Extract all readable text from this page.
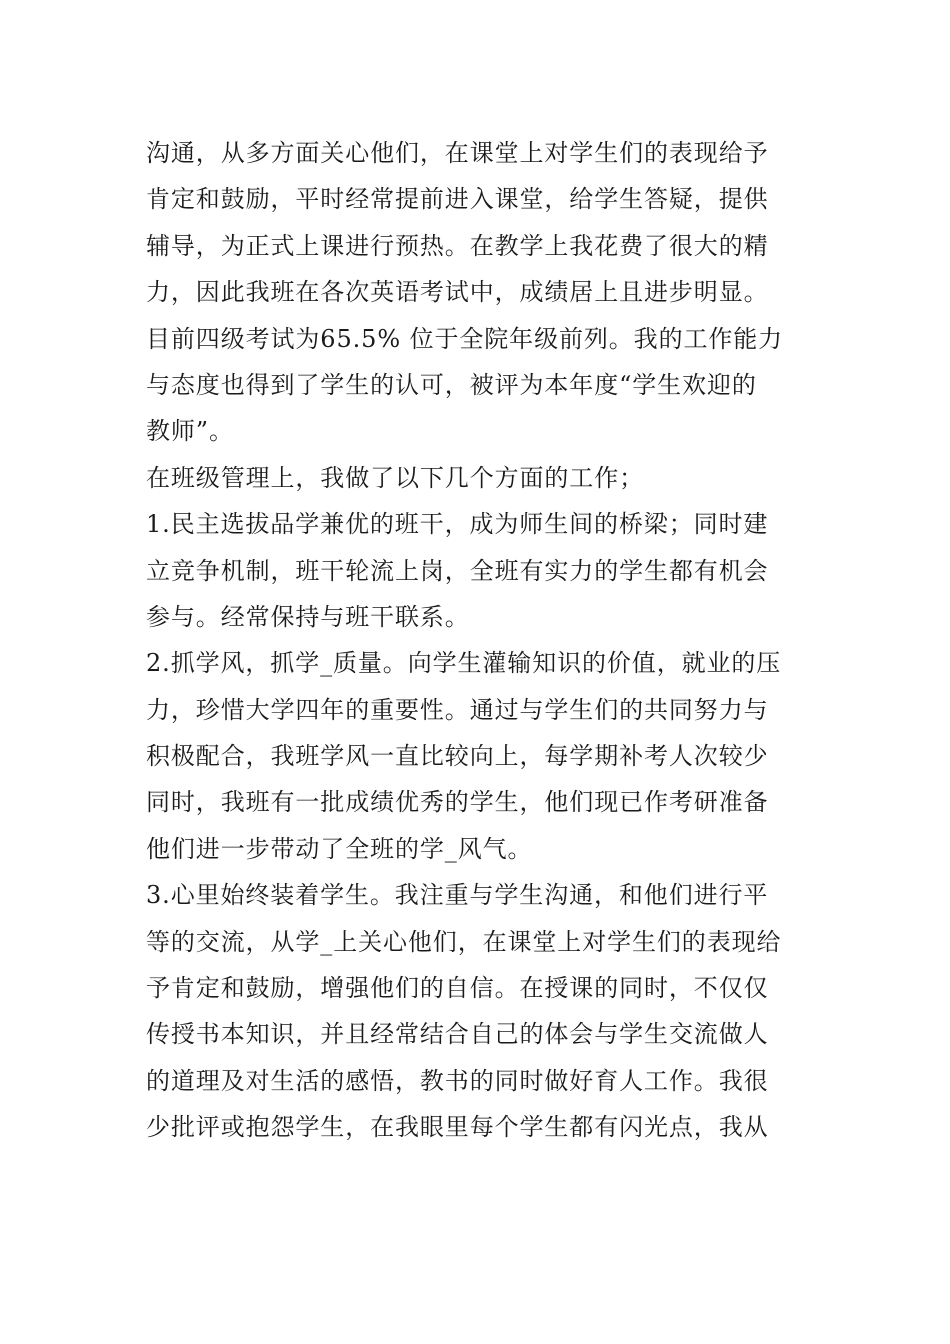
沟通，从多方面关心他们，在课堂上对学生们的表现给予
肯定和鼓励，平时经常提前进入课堂，给学生答疑，提供
辅导，为正式上课进行预热。在教学上我花费了很大的精
力，因此我班在各次英语考试中，成绩居上且进步明显。
目前四级考试为65.5% 位于全院年级前列。我的工作能力
与态度也得到了学生的认可，被评为本年度“学生欢迎的
教师”。
在班级管理上，我做了以下几个方面的工作；
1.民主选拔品学兼优的班干，成为师生间的桥梁；同时建
立竞争机制，班干轮流上岗，全班有实力的学生都有机会
参与。经常保持与班干联系。
2.抓学风，抓学_质量。向学生灌输知识的价值，就业的压
力，珍惜大学四年的重要性。通过与学生们的共同努力与
积极配合，我班学风一直比较向上，每学期补考人次较少
同时，我班有一批成绩优秀的学生，他们现已作考研准备
他们进一步带动了全班的学_风气。
3.心里始终装着学生。我注重与学生沟通，和他们进行平
等的交流，从学_上关心他们，在课堂上对学生们的表现给
予肯定和鼓励，增强他们的自信。在授课的同时，不仅仅
传授书本知识，并且经常结合自己的体会与学生交流做人
的道理及对生活的感悟，教书的同时做好育人工作。我很
少批评或抱怨学生，在我眼里每个学生都有闪光点，我从
